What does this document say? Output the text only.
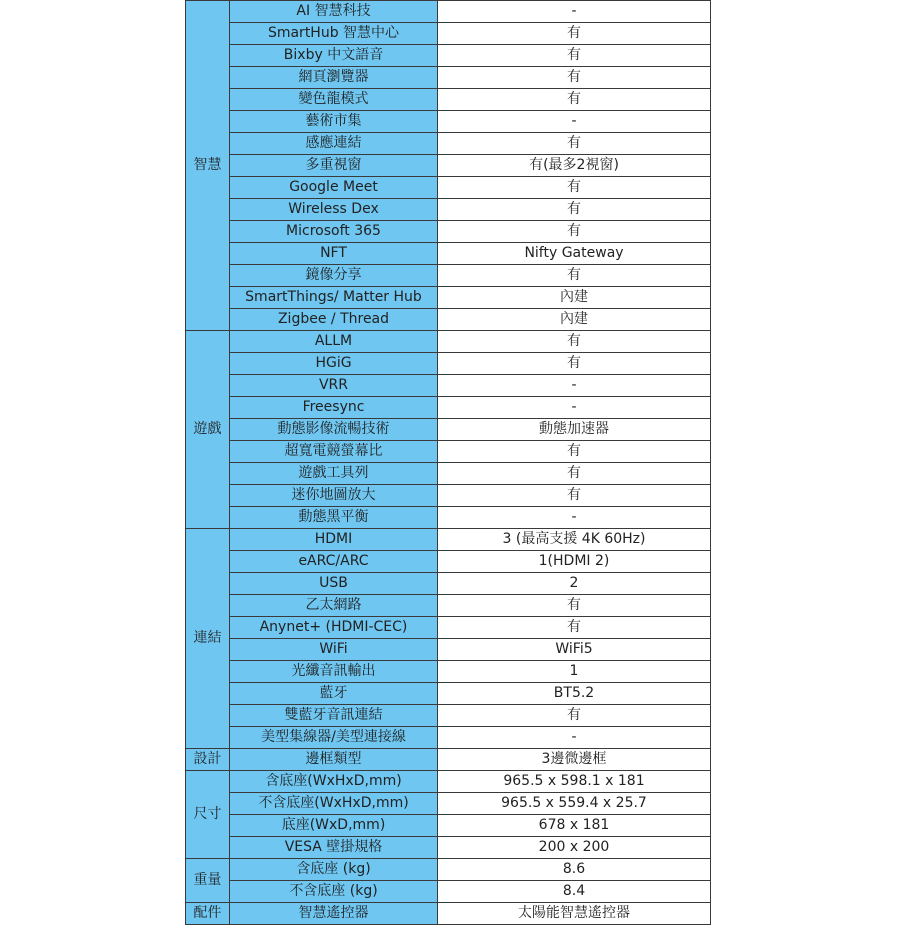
智慧	AI 智慧科技	-
	SmartHub 智慧中心	有
	Bixby 中文語音	有
	網頁瀏覽器	有
	變色龍模式	有
	藝術市集	-
	感應連結	有
	多重視窗	有(最多2視窗)
	Google Meet	有
	Wireless Dex	有
	Microsoft 365	有
	NFT	Nifty Gateway
	鏡像分享	有
	SmartThings/ Matter Hub	內建
	Zigbee / Thread	內建
遊戲	ALLM	有
	HGiG	有
	VRR	-
	Freesync	-
	動態影像流暢技術	動態加速器
	超寬電競螢幕比	有
	遊戲工具列	有
	迷你地圖放大	有
	動態黑平衡	-
連結	HDMI	3 (最高支援 4K 60Hz)
	eARC/ARC	1(HDMI 2)
	USB	2
	乙太網路	有
	Anynet+ (HDMI-CEC)	有
	WiFi	WiFi5
	光纖音訊輸出	1
	藍牙	BT5.2
	雙藍牙音訊連結	有
	美型集線器/美型連接線	-
設計	邊框類型	3邊微邊框
尺寸	含底座(WxHxD,mm)	965.5 x 598.1 x 181
	不含底座(WxHxD,mm)	965.5 x 559.4 x 25.7
	底座(WxD,mm)	678 x 181
	VESA 壁掛規格	200 x 200
重量	含底座 (kg)	8.6
	不含底座 (kg)	8.4
配件	智慧遙控器	太陽能智慧遙控器
